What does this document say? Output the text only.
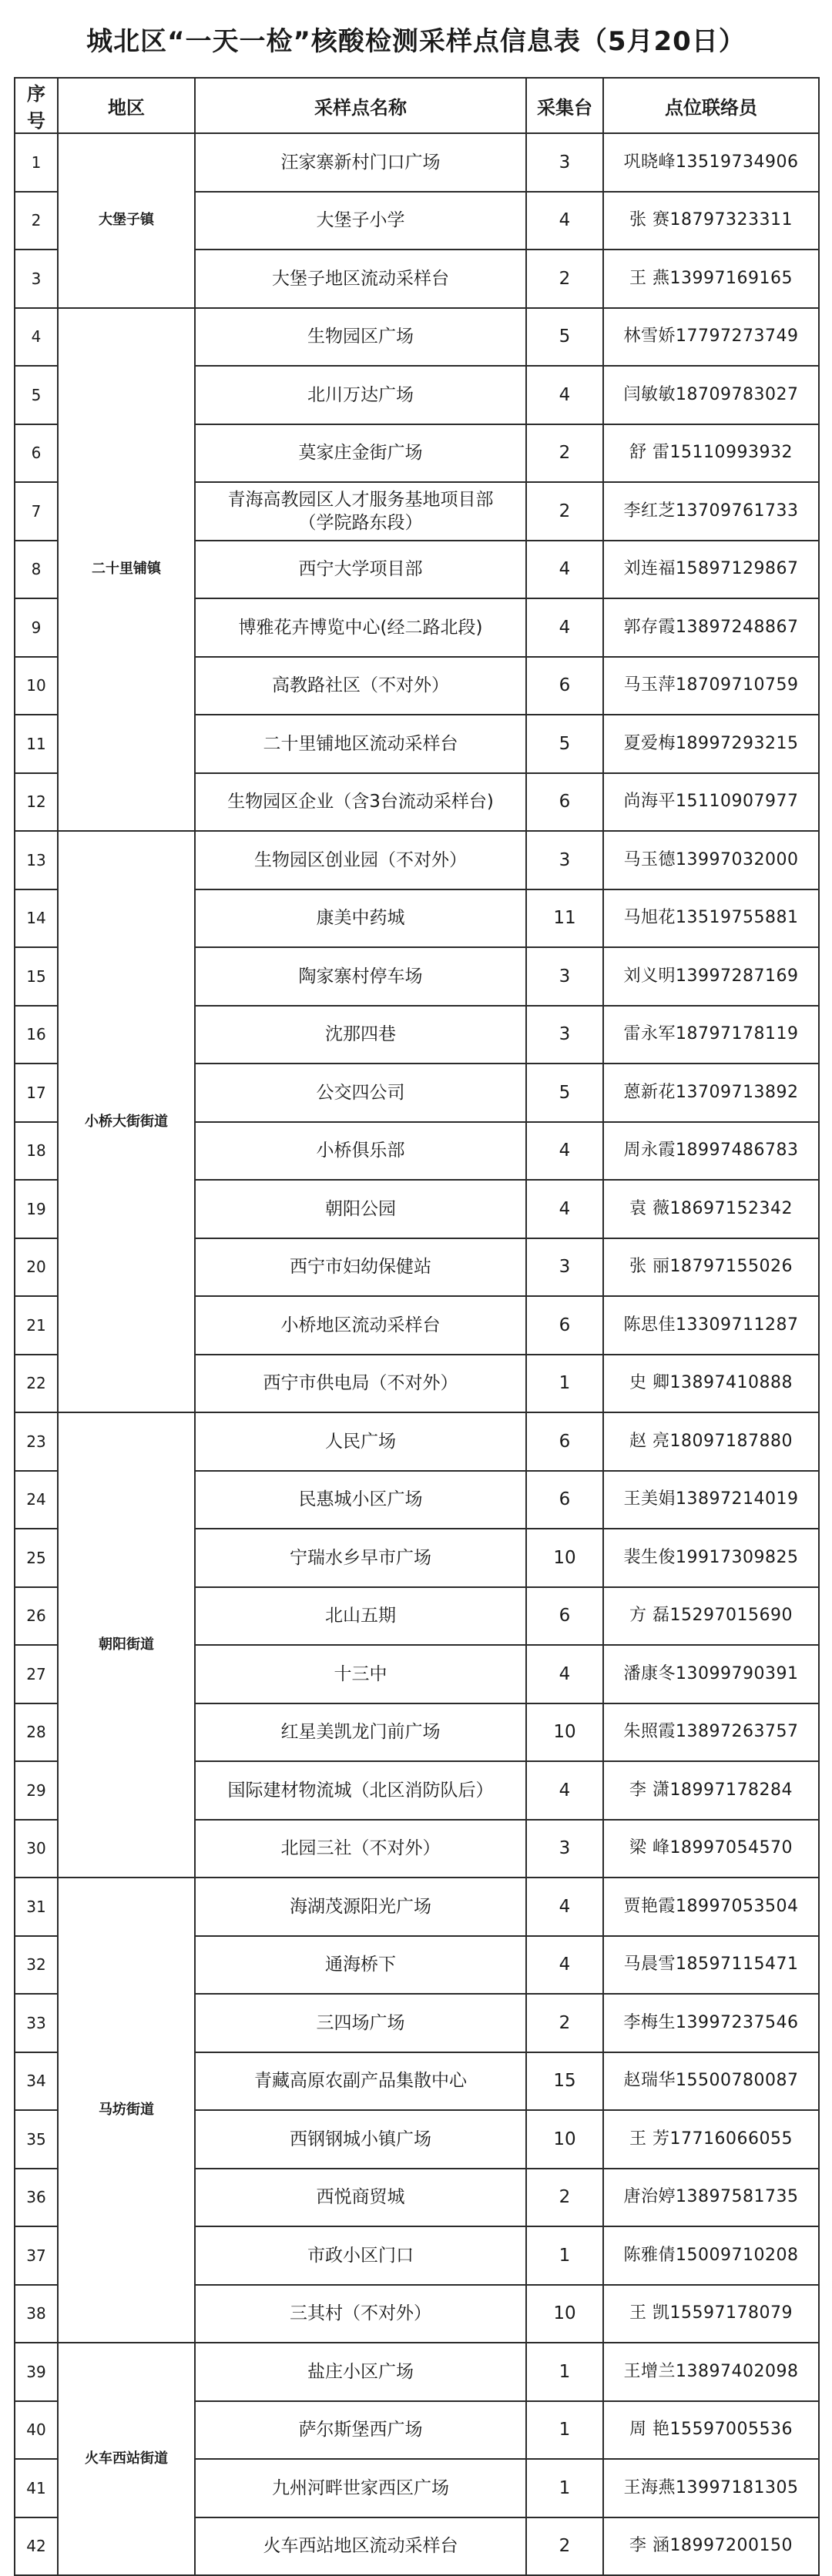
城北区“一天一检”核酸检测采样点信息表（5月20日）
序号	地区	采样点名称	采集台	点位联络员
1	大堡子镇	汪家寨新村门口广场	3	巩晓峰13519734906
2		大堡子小学	4	张 赛18797323311
3		大堡子地区流动采样台	2	王 燕13997169165
4	二十里铺镇	生物园区广场	5	林雪娇17797273749
5		北川万达广场	4	闫敏敏18709783027
6		莫家庄金街广场	2	舒 雷15110993932
7		青海高教园区人才服务基地项目部
（学院路东段）	2	李红芝13709761733
8		西宁大学项目部	4	刘连福15897129867
9		博雅花卉博览中心(经二路北段)	4	郭存霞13897248867
10		高教路社区（不对外）	6	马玉萍18709710759
11		二十里铺地区流动采样台	5	夏爱梅18997293215
12		生物园区企业（含3台流动采样台)	6	尚海平15110907977
13	小桥大街街道	生物园区创业园（不对外）	3	马玉德13997032000
14		康美中药城	11	马旭花13519755881
15		陶家寨村停车场	3	刘义明13997287169
16		沈那四巷	3	雷永军18797178119
17		公交四公司	5	蒽新花13709713892
18		小桥俱乐部	4	周永霞18997486783
19		朝阳公园	4	袁 薇18697152342
20		西宁市妇幼保健站	3	张 丽18797155026
21		小桥地区流动采样台	6	陈思佳13309711287
22		西宁市供电局（不对外）	1	史 卿13897410888
23	朝阳街道	人民广场	6	赵 亮18097187880
24		民惠城小区广场	6	王美娟13897214019
25		宁瑞水乡早市广场	10	裴生俊19917309825
26		北山五期	6	方 磊15297015690
27		十三中	4	潘康冬13099790391
28		红星美凯龙门前广场	10	朱照霞13897263757
29		国际建材物流城（北区消防队后）	4	李 潇18997178284
30		北园三社（不对外）	3	梁 峰18997054570
31	马坊街道	海湖茂源阳光广场	4	贾艳霞18997053504
32		通海桥下	4	马晨雪18597115471
33		三四场广场	2	李梅生13997237546
34		青藏高原农副产品集散中心	15	赵瑞华15500780087
35		西钢钢城小镇广场	10	王 芳17716066055
36		西悦商贸城	2	唐治婷13897581735
37		市政小区门口	1	陈雅倩15009710208
38		三其村（不对外）	10	王 凯15597178079
39	火车西站街道	盐庄小区广场	1	王增兰13897402098
40		萨尔斯堡西广场	1	周 艳15597005536
41		九州河畔世家西区广场	1	王海燕13997181305
42		火车西站地区流动采样台	2	李 涵18997200150
